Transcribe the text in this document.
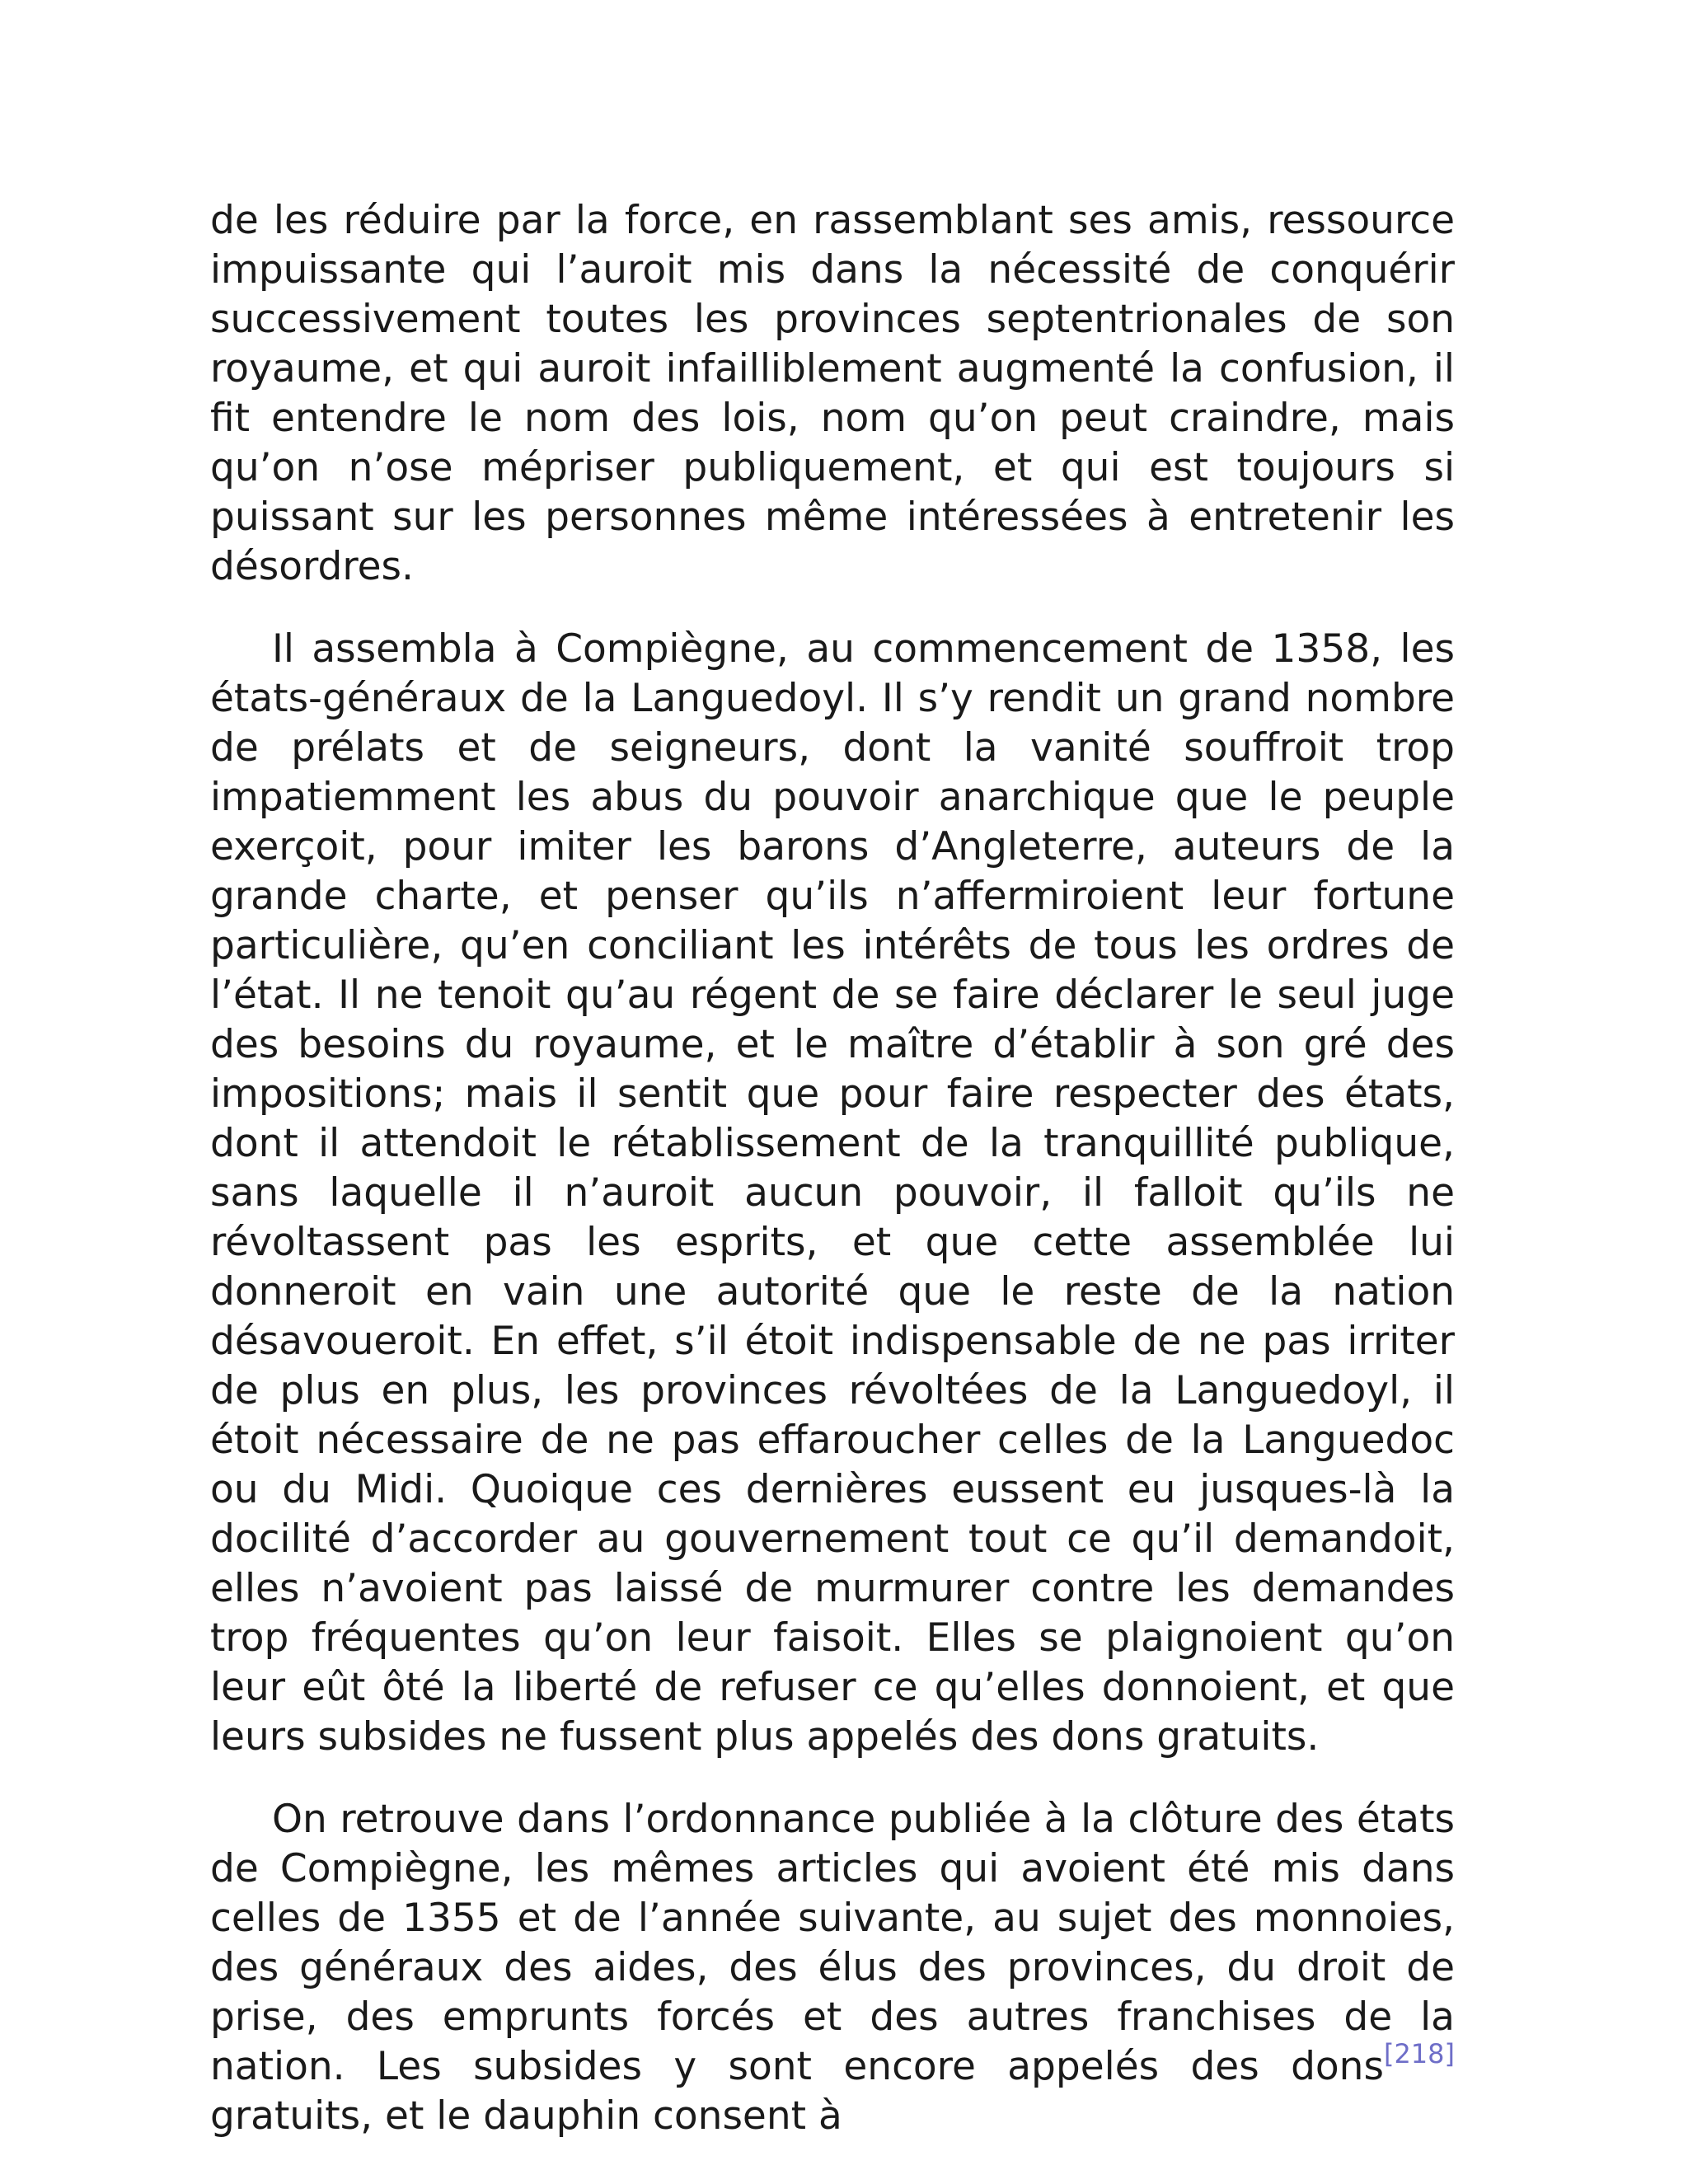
de les réduire par la force, en rassemblant ses amis, ressource impuissante qui l’auroit mis dans la nécessité de conquérir successivement toutes les provinces septentrionales de son royaume, et qui auroit infailliblement augmenté la confusion, il fit entendre le nom des lois, nom qu’on peut craindre, mais qu’on n’ose mépriser publiquement, et qui est toujours si puissant sur les personnes même intéressées à entretenir les désordres.

Il assembla à Compiègne, au commencement de 1358, les états-généraux de la Languedoyl. Il s’y rendit un grand nombre de prélats et de seigneurs, dont la vanité souffroit trop impatiemment les abus du pouvoir anarchique que le peuple exerçoit, pour imiter les barons d’Angleterre, auteurs de la grande charte, et penser qu’ils n’affermiroient leur fortune particulière, qu’en conciliant les intérêts de tous les ordres de l’état. Il ne tenoit qu’au régent de se faire déclarer le seul juge des besoins du royaume, et le maître d’établir à son gré des impositions; mais il sentit que pour faire respecter des états, dont il attendoit le rétablissement de la tranquillité publique, sans laquelle il n’auroit aucun pouvoir, il falloit qu’ils ne révoltassent pas les esprits, et que cette assemblée lui donneroit en vain une autorité que le reste de la nation désavoueroit. En effet, s’il étoit indispensable de ne pas irriter de plus en plus, les provinces révoltées de la Languedoyl, il étoit nécessaire de ne pas effaroucher celles de la Languedoc ou du Midi. Quoique ces dernières eussent eu jusques-là la docilité d’accorder au gouvernement tout ce qu’il demandoit, elles n’avoient pas laissé de murmurer contre les demandes trop fréquentes qu’on leur faisoit. Elles se plaignoient qu’on leur eût ôté la liberté de refuser ce qu’elles donnoient, et que leurs subsides ne fussent plus appelés des dons gratuits.

On retrouve dans l’ordonnance publiée à la clôture des états de Compiègne, les mêmes articles qui avoient été mis dans celles de 1355 et de l’année suivante, au sujet des monnoies, des généraux des aides, des élus des provinces, du droit de prise, des emprunts forcés et des autres franchises de la nation. Les subsides y sont encore appelés des dons[218] gratuits, et le dauphin consent à
